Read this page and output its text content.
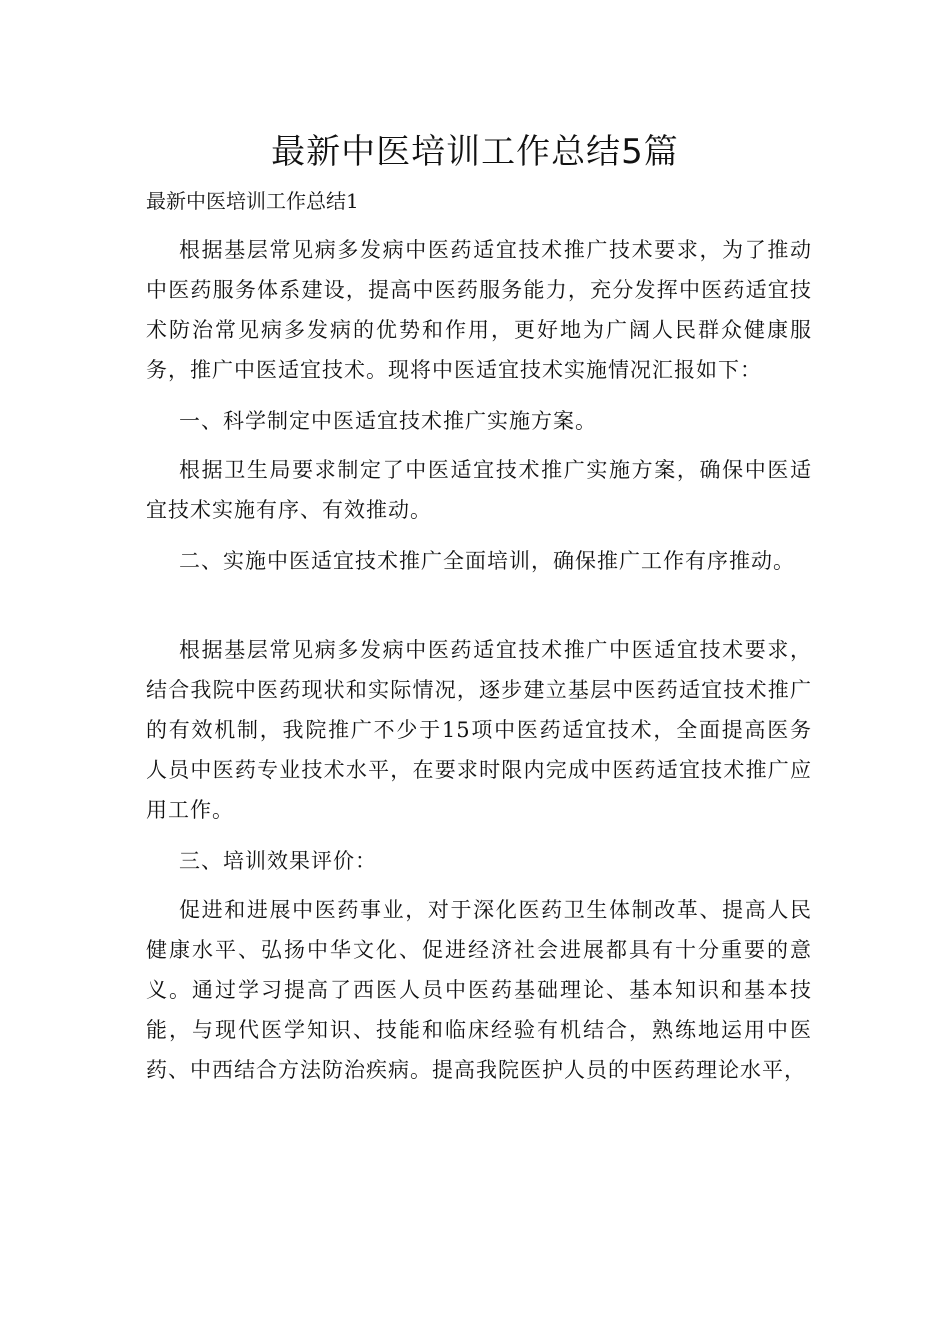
最新中医培训工作总结5篇

最新中医培训工作总结1

根据基层常见病多发病中医药适宜技术推广技术要求，为了推动中医药服务体系建设，提高中医药服务能力，充分发挥中医药适宜技术防治常见病多发病的优势和作用，更好地为广阔人民群众健康服务，推广中医适宜技术。现将中医适宜技术实施情况汇报如下：

一、科学制定中医适宜技术推广实施方案。

根据卫生局要求制定了中医适宜技术推广实施方案，确保中医适宜技术实施有序、有效推动。

二、实施中医适宜技术推广全面培训，确保推广工作有序推动。

根据基层常见病多发病中医药适宜技术推广中医适宜技术要求，结合我院中医药现状和实际情况，逐步建立基层中医药适宜技术推广的有效机制，我院推广不少于15项中医药适宜技术，全面提高医务人员中医药专业技术水平，在要求时限内完成中医药适宜技术推广应用工作。

三、培训效果评价：

促进和进展中医药事业，对于深化医药卫生体制改革、提高人民健康水平、弘扬中华文化、促进经济社会进展都具有十分重要的意义。通过学习提高了西医人员中医药基础理论、基本知识和基本技能，与现代医学知识、技能和临床经验有机结合，熟练地运用中医药、中西结合方法防治疾病。提高我院医护人员的中医药理论水平，
